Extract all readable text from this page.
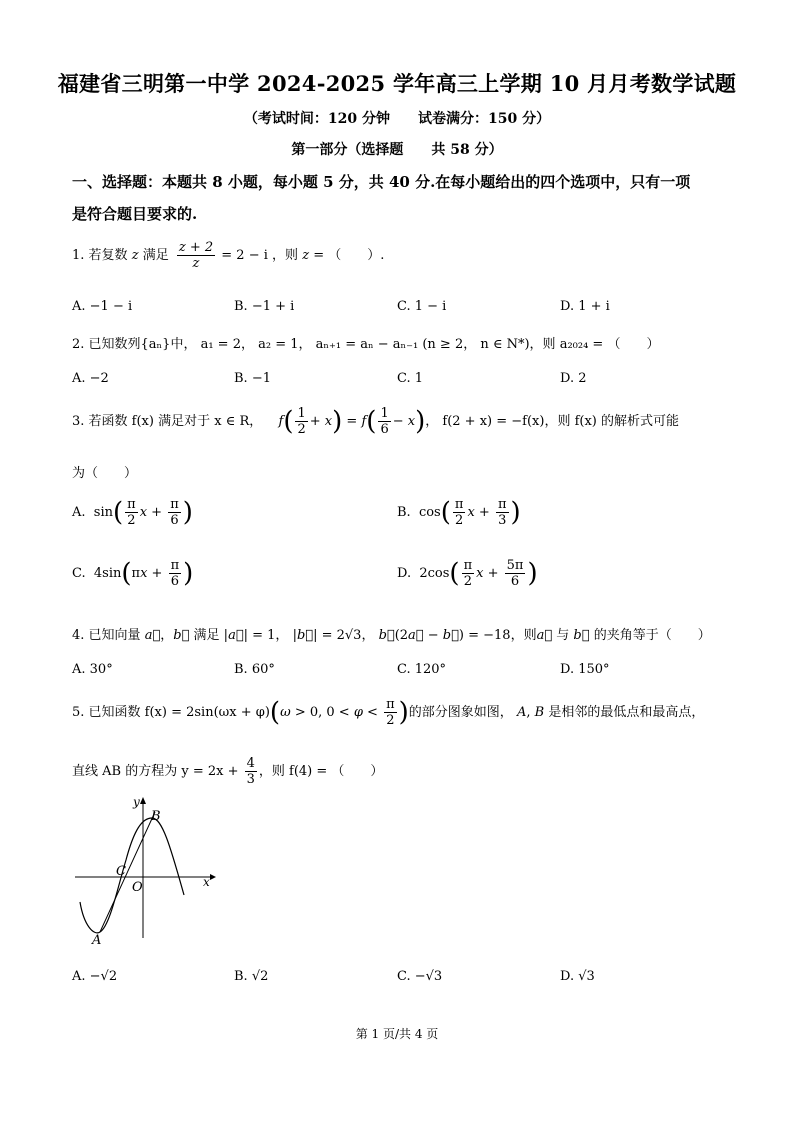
福建省三明第一中学 2024-2025 学年高三上学期 10 月月考数学试题
（考试时间：120 分钟　　试卷满分：150 分）
第一部分（选择题　　共 58 分）
一、选择题：本题共 8 小题，每小题 5 分，共 40 分.在每小题给出的四个选项中，只有一项
是符合题目要求的.
1. 若复数 z 满足 $\frac{z + 2}{z} = 2 - i$ ，则 z = （　　）.
A. −1 − i	B. −1 + i	C. 1 − i	D. 1 + i
2. 已知数列{aₙ}中， a₁ = 2， a₂ = 1， aₙ₊₁ = aₙ − aₙ₋₁ (n ≥ 2， n ∈ N*)，则 a₂₀₂₄ = （　　）
A. −2	B. −1	C. 1	D. 2
3. 若函数 f(x) 满足对于 x ∈ R， $f( \frac{1}{2} + x) = f( \frac{1}{6} - x)$， f(2 + x) = −f(x)，则 f(x) 的解析式可能
为（　　）
A.  $\sin( \frac{\pi}{2}$ $x + \frac{\pi}{6}$ )	B.  $\cos( \frac{\pi}{2}$ $x + \frac{\pi}{3}$ )
C.  $4\sin(\pi x + \frac{\pi}{6}$ )	D.  $2\cos( \frac{\pi}{2}$ $x + \frac{5\pi}{6}$ )
4. 已知向量 a⃗，b⃗ 满足 |a⃗| = 1， |b⃗| = 2√3， b⃗(2a⃗ − b⃗) = −18，则a⃗ 与 b⃗ 的夹角等于（　　）
A. 30°	B. 60°	C. 120°	D. 150°
5. 已知函数 f(x) = 2sin(ωx + φ)(ω > 0, $0 < \varphi < \frac{\pi}{2}$ )的部分图象如图， A, B 是相邻的最低点和最高点，
直线 AB 的方程为 $y = 2x + \frac{4}{3}$ ，则 f(4) = （　　）
y
x
B
C
O
A
A. −√2	B. √2	C. −√3	D. √3
第 1 页/共 4 页
